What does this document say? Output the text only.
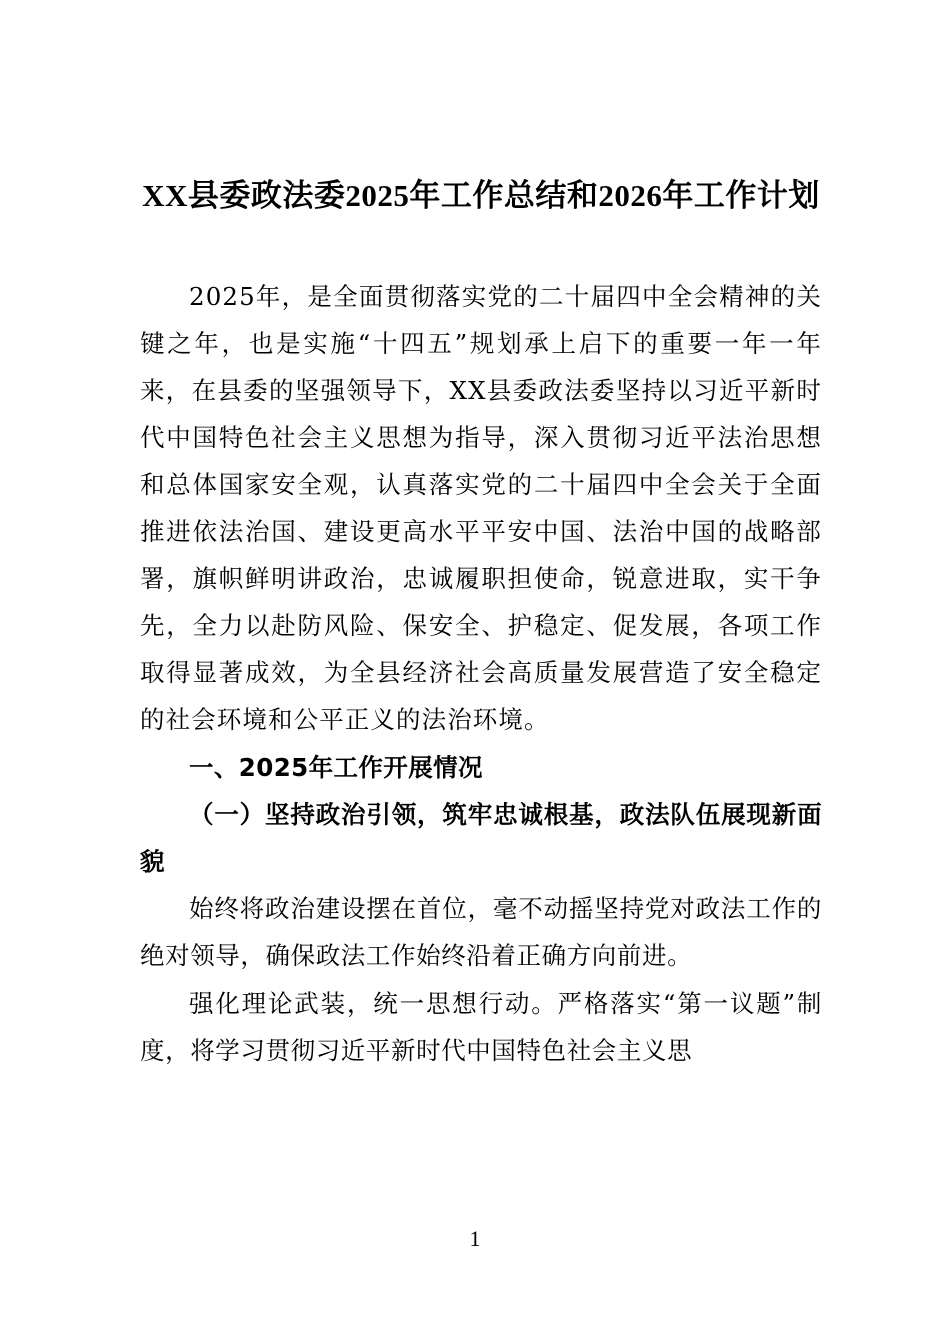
XX县委政法委2025年工作总结和2026年工作计划

2025年，是全面贯彻落实党的二十届四中全会精神的关键之年，也是实施“十四五”规划承上启下的重要一年一年来，在县委的坚强领导下，XX县委政法委坚持以习近平新时代中国特色社会主义思想为指导，深入贯彻习近平法治思想和总体国家安全观，认真落实党的二十届四中全会关于全面推进依法治国、建设更高水平平安中国、法治中国的战略部署，旗帜鲜明讲政治，忠诚履职担使命，锐意进取，实干争先，全力以赴防风险、保安全、护稳定、促发展，各项工作取得显著成效，为全县经济社会高质量发展营造了安全稳定的社会环境和公平正义的法治环境。

一、2025年工作开展情况

（一）坚持政治引领，筑牢忠诚根基，政法队伍展现新面貌

始终将政治建设摆在首位，毫不动摇坚持党对政法工作的绝对领导，确保政法工作始终沿着正确方向前进。

强化理论武装，统一思想行动。严格落实“第一议题”制度，将学习贯彻习近平新时代中国特色社会主义思

1
